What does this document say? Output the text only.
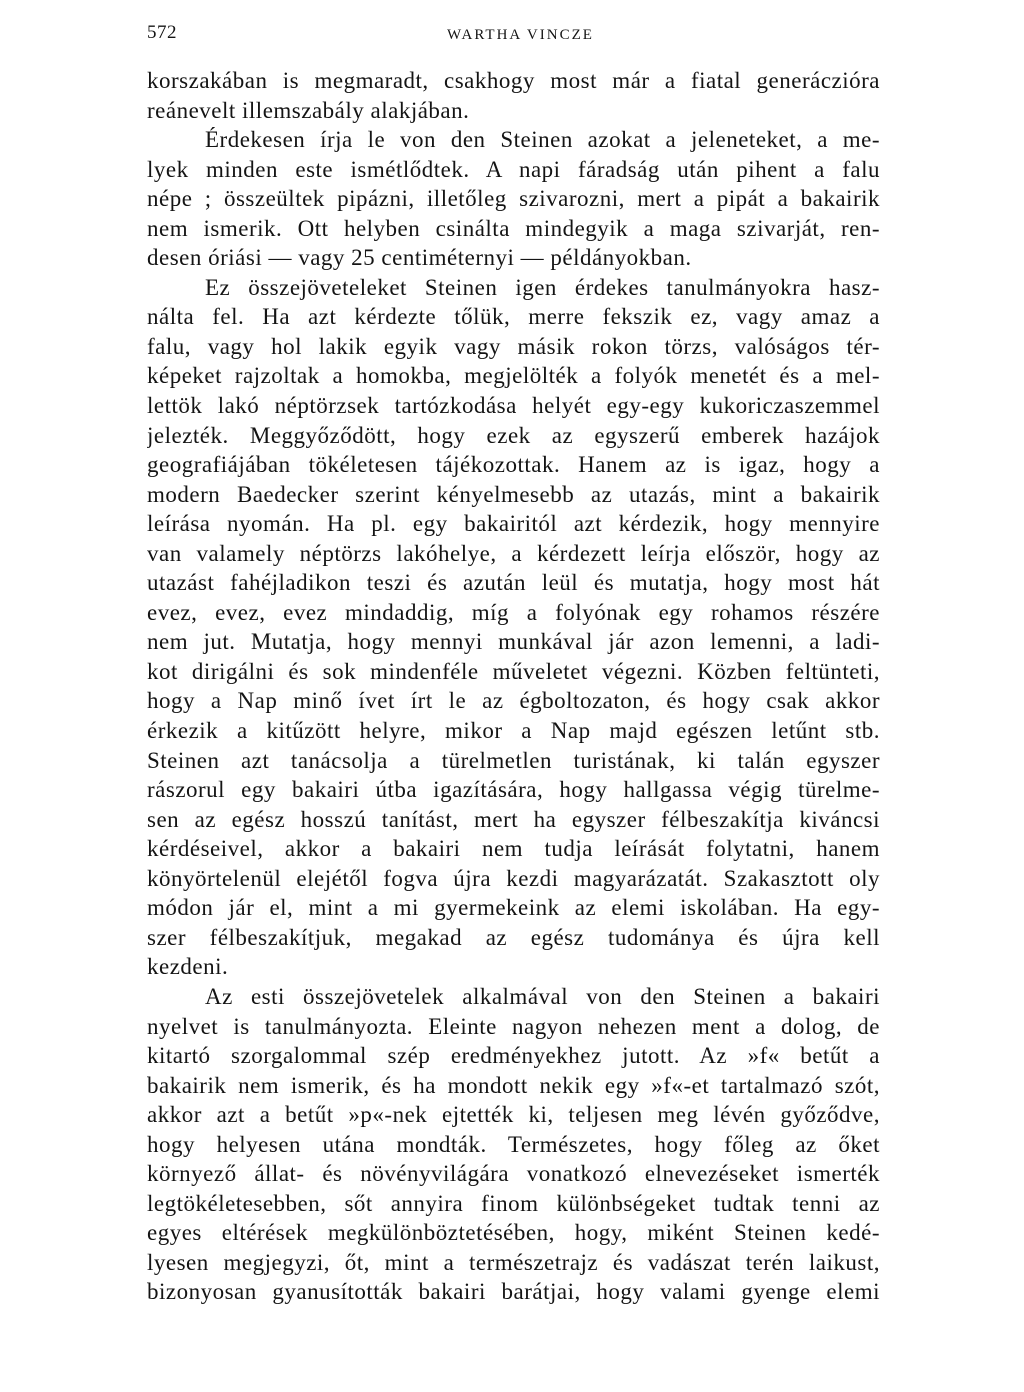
572	WARTHA VINCZE
korszakában is megmaradt, csakhogy most már a fiatal generáczióra
reánevelt illemszabály alakjában.
Érdekesen írja le von den Steinen azokat a jeleneteket, a me-
lyek minden este ismétlődtek. A napi fáradság után pihent a falu
népe ; összeültek pipázni, illetőleg szivarozni, mert a pipát a bakairik
nem ismerik. Ott helyben csinálta mindegyik a maga szivarját, ren-
desen óriási — vagy 25 centiméternyi — példányokban.
Ez összejöveteleket Steinen igen érdekes tanulmányokra hasz-
nálta fel. Ha azt kérdezte tőlük, merre fekszik ez, vagy amaz a
falu, vagy hol lakik egyik vagy másik rokon törzs, valóságos tér-
képeket rajzoltak a homokba, megjelölték a folyók menetét és a mel-
lettök lakó néptörzsek tartózkodása helyét egy-egy kukoriczaszemmel
jelezték. Meggyőződött, hogy ezek az egyszerű emberek hazájok
geografiájában tökéletesen tájékozottak. Hanem az is igaz, hogy a
modern Baedecker szerint kényelmesebb az utazás, mint a bakairik
leírása nyomán. Ha pl. egy bakairitól azt kérdezik, hogy mennyire
van valamely néptörzs lakóhelye, a kérdezett leírja először, hogy az
utazást fahéjladikon teszi és azután leül és mutatja, hogy most hát
evez, evez, evez mindaddig, míg a folyónak egy rohamos részére
nem jut. Mutatja, hogy mennyi munkával jár azon lemenni, a ladi-
kot dirigálni és sok mindenféle műveletet végezni. Közben feltünteti,
hogy a Nap minő ívet írt le az égboltozaton, és hogy csak akkor
érkezik a kitűzött helyre, mikor a Nap majd egészen letűnt stb.
Steinen azt tanácsolja a türelmetlen turistának, ki talán egyszer
rászorul egy bakairi útba igazítására, hogy hallgassa végig türelme-
sen az egész hosszú tanítást, mert ha egyszer félbeszakítja kiváncsi
kérdéseivel, akkor a bakairi nem tudja leírását folytatni, hanem
könyörtelenül elejétől fogva újra kezdi magyarázatát. Szakasztott oly
módon jár el, mint a mi gyermekeink az elemi iskolában. Ha egy-
szer félbeszakítjuk, megakad az egész tudománya és újra kell
kezdeni.
Az esti összejövetelek alkalmával von den Steinen a bakairi
nyelvet is tanulmányozta. Eleinte nagyon nehezen ment a dolog, de
kitartó szorgalommal szép eredményekhez jutott. Az »f« betűt a
bakairik nem ismerik, és ha mondott nekik egy »f«-et tartalmazó szót,
akkor azt a betűt »p«-nek ejtették ki, teljesen meg lévén győződve,
hogy helyesen utána mondták. Természetes, hogy főleg az őket
környező állat- és növényvilágára vonatkozó elnevezéseket ismerték
legtökéletesebben, sőt annyira finom különbségeket tudtak tenni az
egyes eltérések megkülönböztetésében, hogy, miként Steinen kedé-
lyesen megjegyzi, őt, mint a természetrajz és vadászat terén laikust,
bizonyosan gyanusították bakairi barátjai, hogy valami gyenge elemi
